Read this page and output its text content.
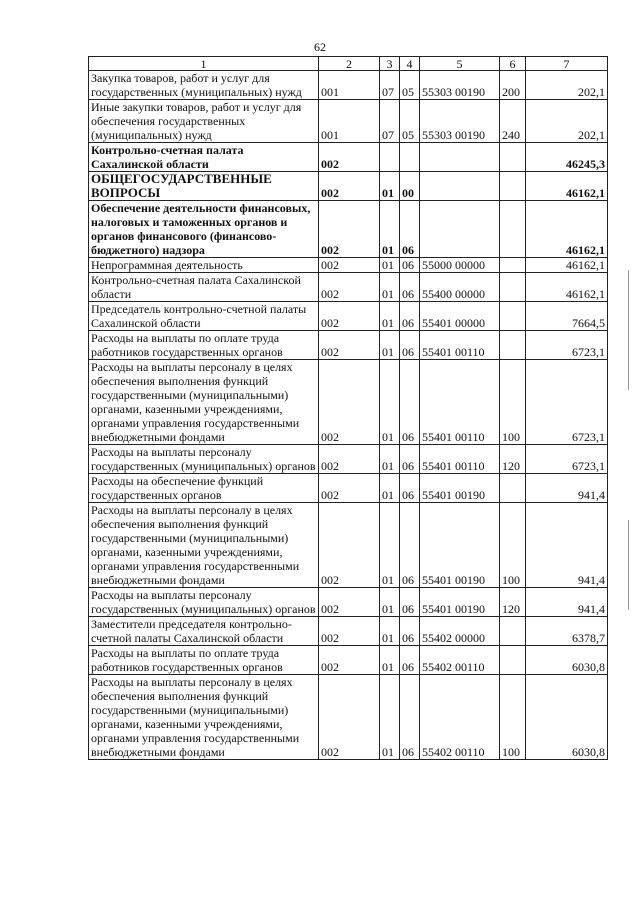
62
1	2	3	4	5	6	7
Закупка товаров, работ и услуг для государственных (муниципальных) нужд	001	07	05	55303 00190	200	202,1
Иные закупки товаров, работ и услуг для обеспечения государственных (муниципальных) нужд	001	07	05	55303 00190	240	202,1
Контрольно-счетная палата Сахалинской области	002					46245,3
ОБЩЕГОСУДАРСТВЕННЫЕ ВОПРОСЫ	002	01	00			46162,1
Обеспечение деятельности финансовых, налоговых и таможенных органов и органов финансового (финансово-бюджетного) надзора	002	01	06			46162,1
Непрограммная деятельность	002	01	06	55000 00000		46162,1
Контрольно-счетная палата Сахалинской области	002	01	06	55400 00000		46162,1
Председатель контрольно-счетной палаты Сахалинской области	002	01	06	55401 00000		7664,5
Расходы на выплаты по оплате труда работников государственных органов	002	01	06	55401 00110		6723,1
Расходы на выплаты персоналу в целях обеспечения выполнения функций государственными (муниципальными) органами, казенными учреждениями, органами управления государственными внебюджетными фондами	002	01	06	55401 00110	100	6723,1
Расходы на выплаты персоналу государственных (муниципальных) органов	002	01	06	55401 00110	120	6723,1
Расходы на обеспечение функций государственных органов	002	01	06	55401 00190		941,4
Расходы на выплаты персоналу в целях обеспечения выполнения функций государственными (муниципальными) органами, казенными учреждениями, органами управления государственными внебюджетными фондами	002	01	06	55401 00190	100	941,4
Расходы на выплаты персоналу государственных (муниципальных) органов	002	01	06	55401 00190	120	941,4
Заместители председателя контрольно-счетной палаты Сахалинской области	002	01	06	55402 00000		6378,7
Расходы на выплаты по оплате труда работников государственных органов	002	01	06	55402 00110		6030,8
Расходы на выплаты персоналу в целях обеспечения выполнения функций государственными (муниципальными) органами, казенными учреждениями, органами управления государственными внебюджетными фондами	002	01	06	55402 00110	100	6030,8
